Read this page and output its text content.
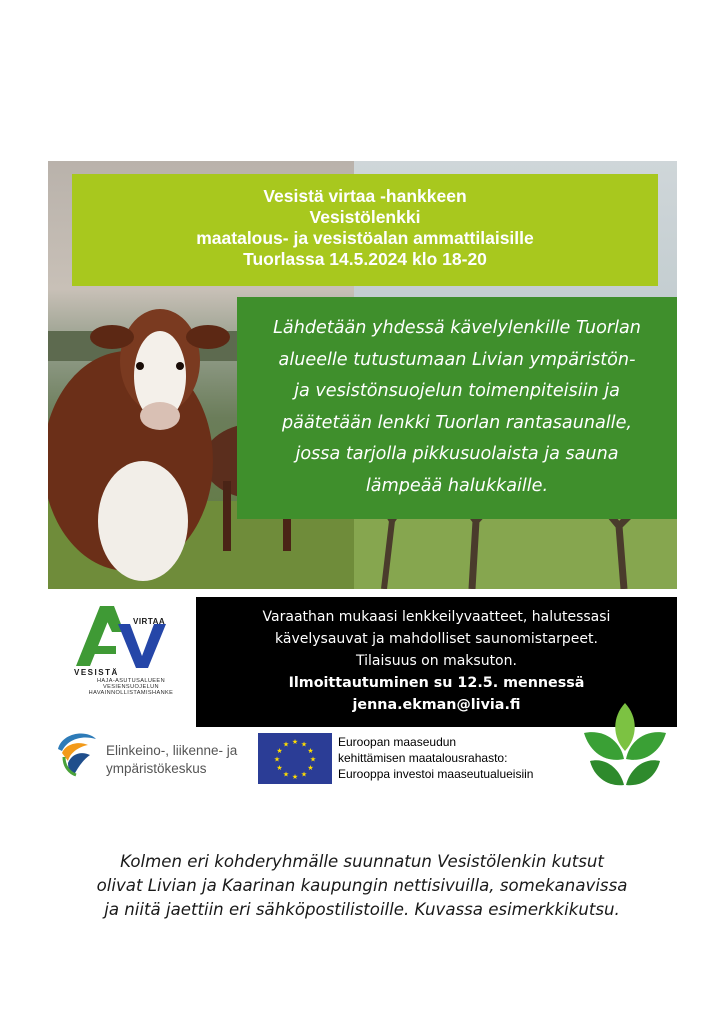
Vesistä virtaa -hankkeen
Vesistölenkki
maatalous- ja vesistöalan ammattilaisille
Tuorlassa 14.5.2024 klo 18-20
Lähdetään yhdessä kävelylenkille Tuorlan
alueelle tutustumaan Livian ympäristön-
ja vesistönsuojelun toimenpiteisiin ja
päätetään lenkki Tuorlan rantasaunalle,
jossa tarjolla pikkusuolaista ja sauna
lämpeää halukkaille.
Varaathan mukaasi lenkkeilyvaatteet, halutessasi
kävelysauvat ja mahdolliset saunomistarpeet.
Tilaisuus on maksuton.
Ilmoittautuminen su 12.5. mennessä
jenna.ekman@livia.fi
VIRTAA
VESISTÄ
HAJA-ASUTUSALUEEN
VESIENSUOJELUN
HAVAINNOLLISTAMISHANKE
Elinkeino-, liikenne- ja
ympäristökeskus
★ ★
★
★
★
★
★
★
★
★
★
★	Euroopan maaseudun
kehittämisen maatalousrahasto:
Eurooppa investoi maaseutualueisiin
Kolmen eri kohderyhmälle suunnatun Vesistölenkin kutsut
olivat Livian ja Kaarinan kaupungin nettisivuilla, somekanavissa
ja niitä jaettiin eri sähköpostilistoille. Kuvassa esimerkkikutsu.
